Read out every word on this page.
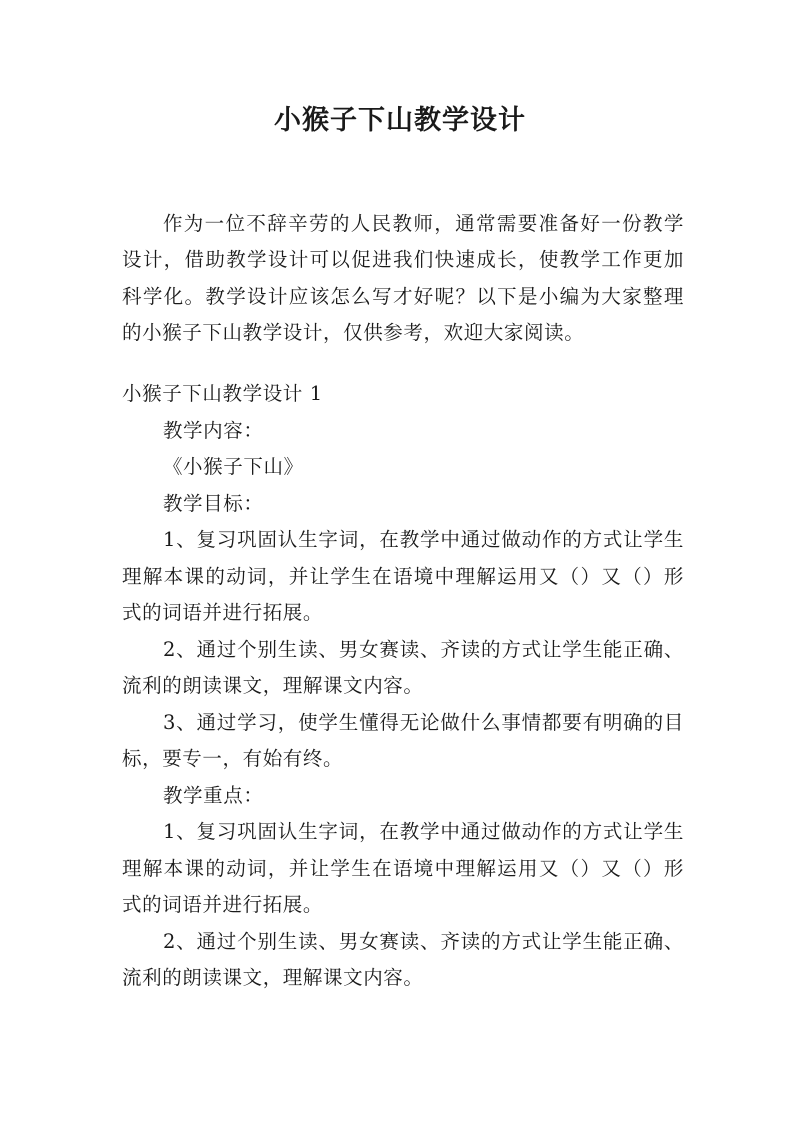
小猴子下山教学设计

作为一位不辞辛劳的人民教师，通常需要准备好一份教学设计，借助教学设计可以促进我们快速成长，使教学工作更加科学化。教学设计应该怎么写才好呢？以下是小编为大家整理的小猴子下山教学设计，仅供参考，欢迎大家阅读。

小猴子下山教学设计 1

教学内容：

《小猴子下山》

教学目标：

1、复习巩固认生字词，在教学中通过做动作的方式让学生理解本课的动词，并让学生在语境中理解运用又（）又（）形式的词语并进行拓展。

2、通过个别生读、男女赛读、齐读的方式让学生能正确、流利的朗读课文，理解课文内容。

3、通过学习，使学生懂得无论做什么事情都要有明确的目标，要专一，有始有终。

教学重点：

1、复习巩固认生字词，在教学中通过做动作的方式让学生理解本课的动词，并让学生在语境中理解运用又（）又（）形式的词语并进行拓展。

2、通过个别生读、男女赛读、齐读的方式让学生能正确、流利的朗读课文，理解课文内容。
